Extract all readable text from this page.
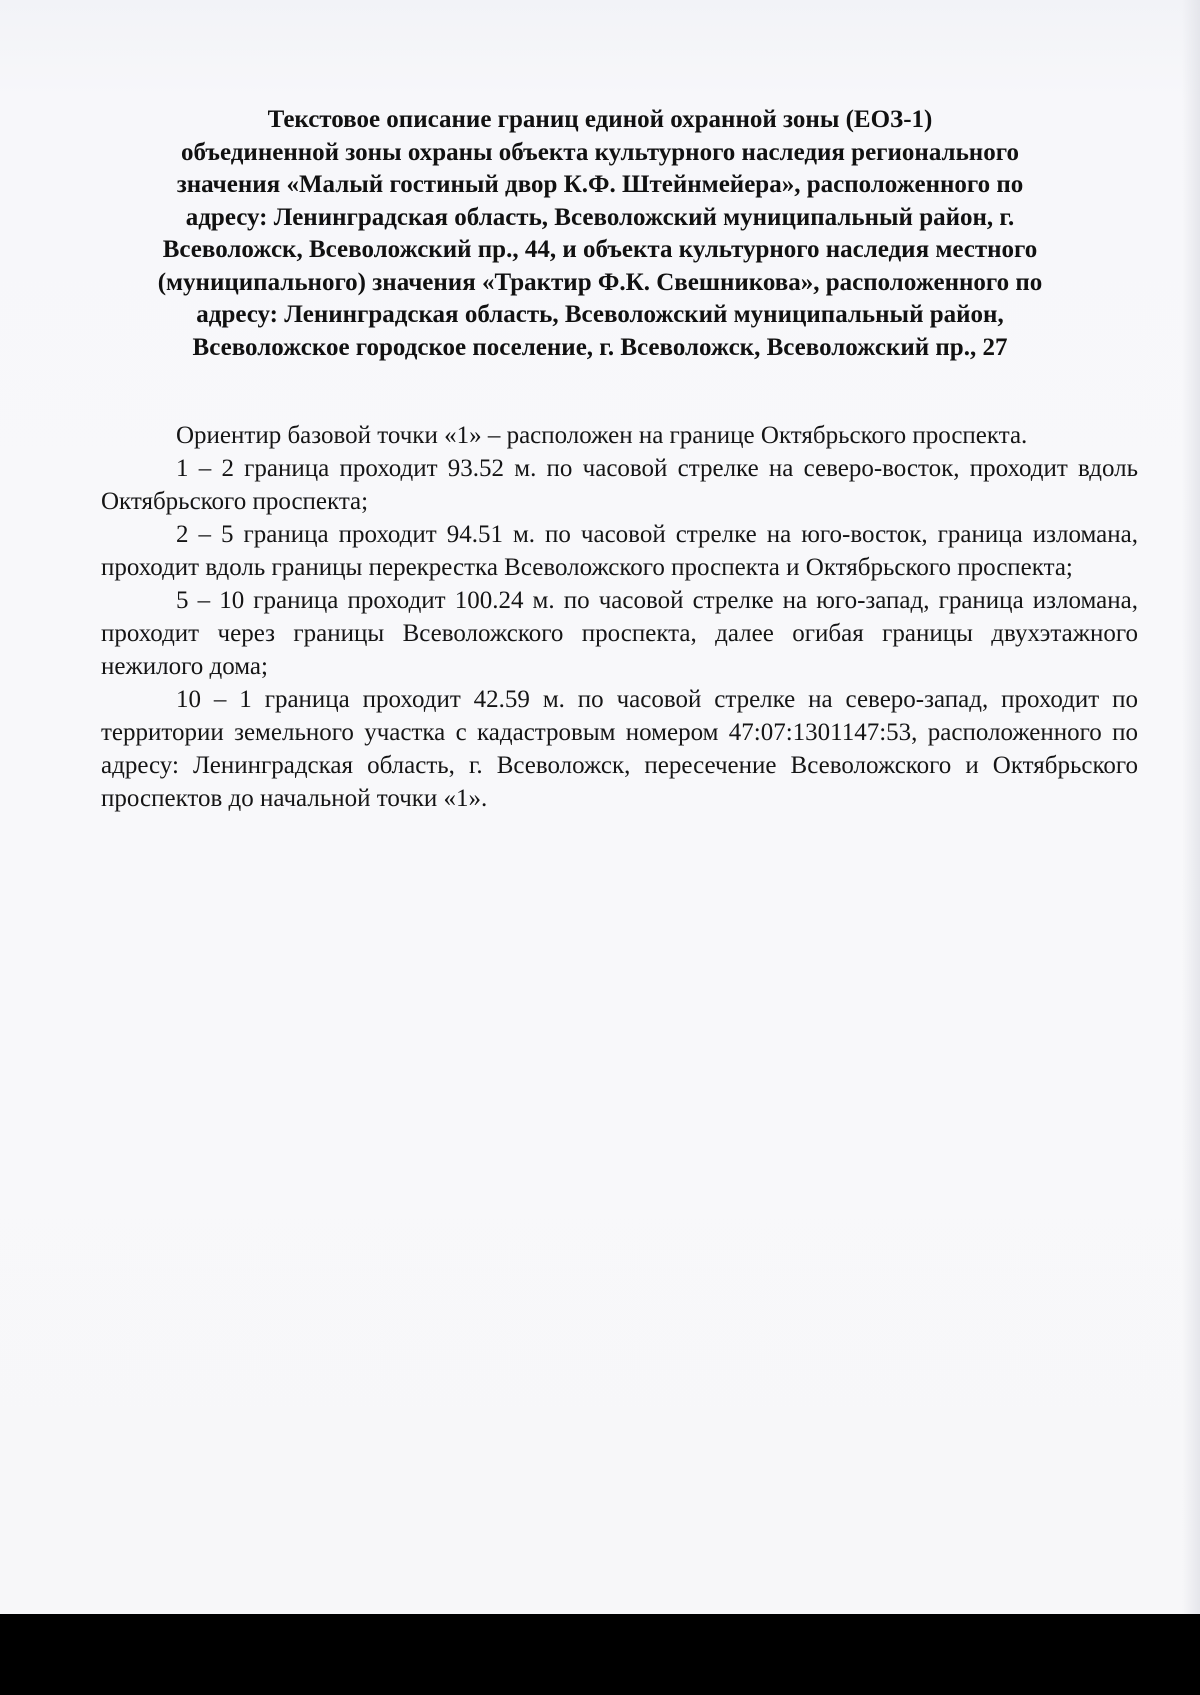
Текстовое описание границ единой охранной зоны (ЕОЗ-1)
объединенной зоны охраны объекта культурного наследия регионального
значения «Малый гостиный двор К.Ф. Штейнмейера», расположенного по
адресу: Ленинградская область, Всеволожский муниципальный район, г.
Всеволожск, Всеволожский пр., 44, и объекта культурного наследия местного
(муниципального) значения «Трактир Ф.К. Свешникова», расположенного по
адресу: Ленинградская область, Всеволожский муниципальный район,
Всеволожское городское поселение, г. Всеволожск, Всеволожский пр., 27

Ориентир базовой точки «1» – расположен на границе Октябрьского проспекта.

1 – 2 граница проходит 93.52 м. по часовой стрелке на северо-восток, проходит вдоль Октябрьского проспекта;

2 – 5 граница проходит 94.51 м. по часовой стрелке на юго-восток, граница изломана, проходит вдоль границы перекрестка Всеволожского проспекта и Октябрьского проспекта;

5 – 10 граница проходит 100.24 м. по часовой стрелке на юго-запад, граница изломана, проходит через границы Всеволожского проспекта, далее огибая границы двухэтажного нежилого дома;

10 – 1 граница проходит 42.59 м. по часовой стрелке на северо-запад, проходит по территории земельного участка с кадастровым номером 47:07:1301147:53, расположенного по адресу: Ленинградская область, г. Всеволожск, пересечение Всеволожского и Октябрьского проспектов до начальной точки «1».
